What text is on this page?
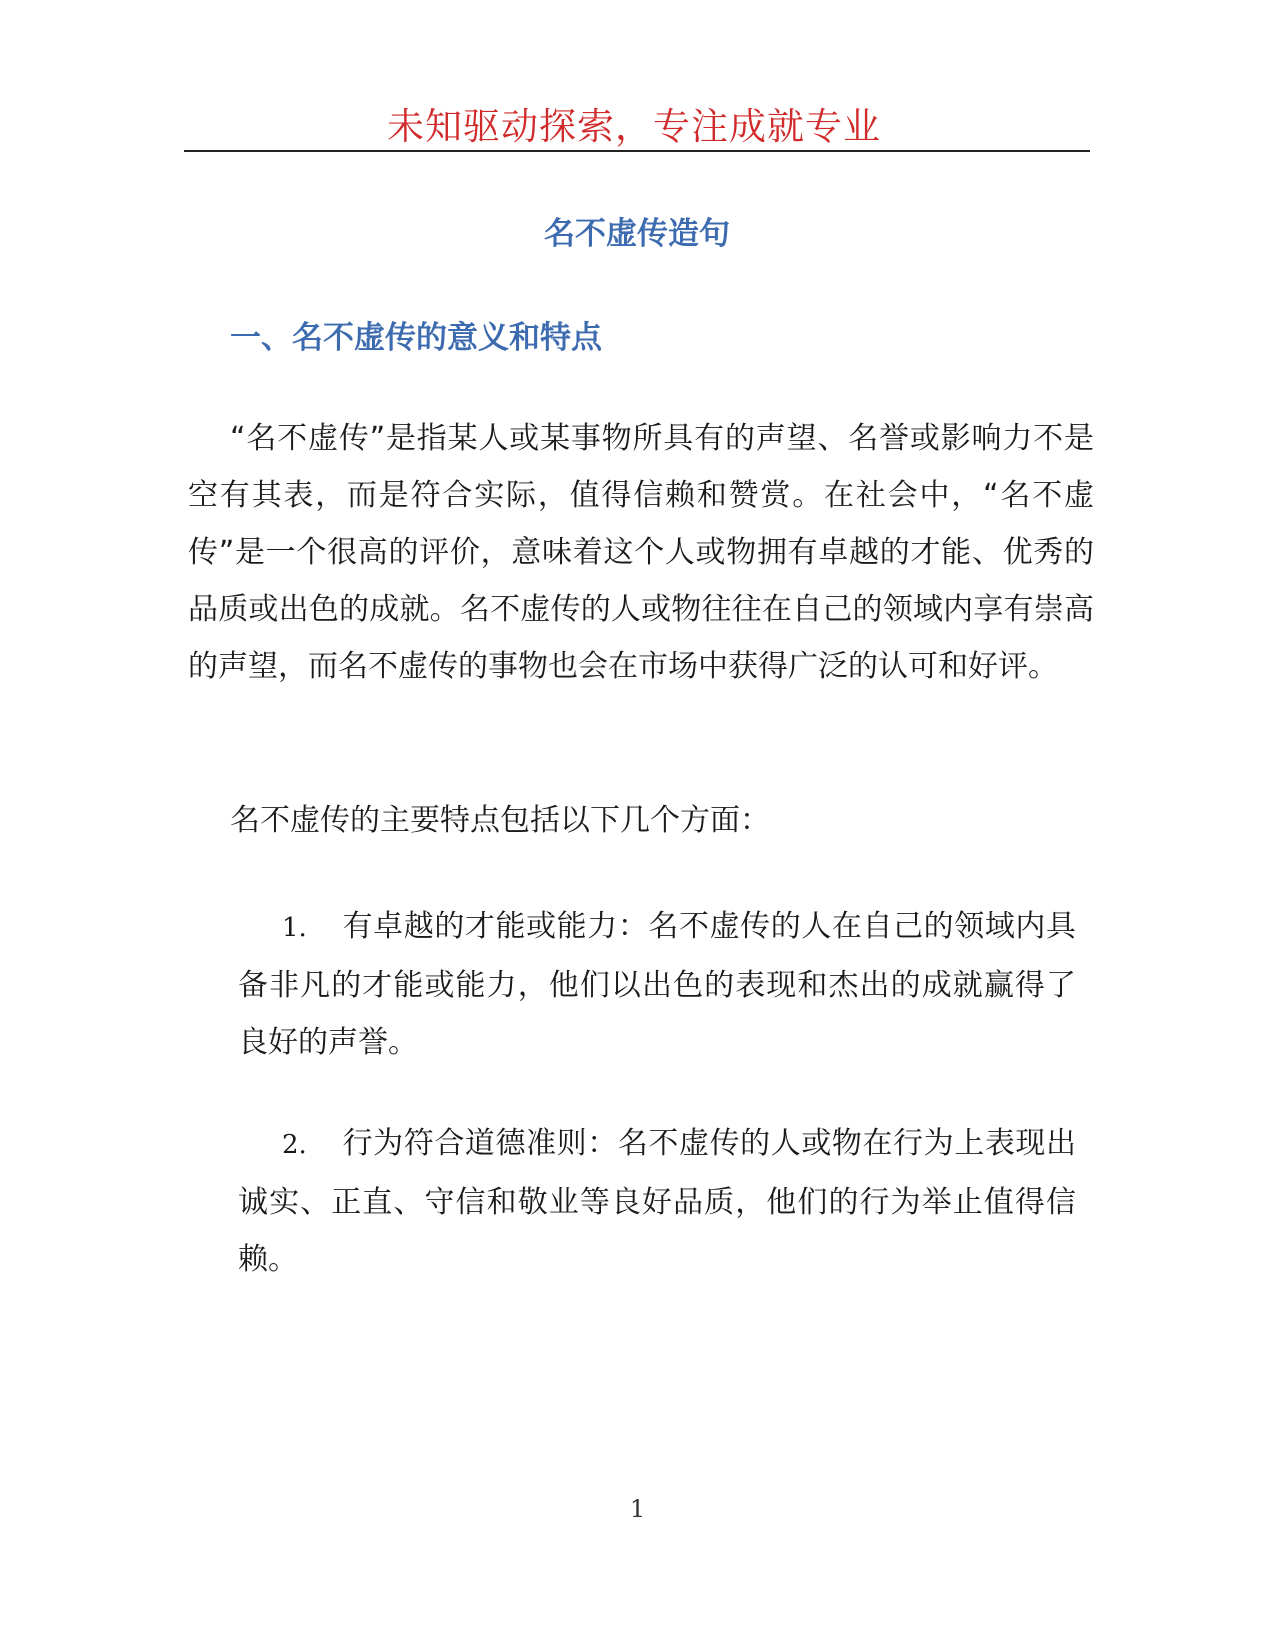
未知驱动探索，专注成就专业
名不虚传造句
一、名不虚传的意义和特点
“名不虚传”是指某人或某事物所具有的声望、名誉或影响力不是空有其表，而是符合实际，值得信赖和赞赏。在社会中，“名不虚传”是一个很高的评价，意味着这个人或物拥有卓越的才能、优秀的品质或出色的成就。名不虚传的人或物往往在自己的领域内享有崇高的声望，而名不虚传的事物也会在市场中获得广泛的认可和好评。
名不虚传的主要特点包括以下几个方面：
1. 有卓越的才能或能力：名不虚传的人在自己的领域内具备非凡的才能或能力，他们以出色的表现和杰出的成就赢得了良好的声誉。
2. 行为符合道德准则：名不虚传的人或物在行为上表现出诚实、正直、守信和敬业等良好品质，他们的行为举止值得信赖。
1
